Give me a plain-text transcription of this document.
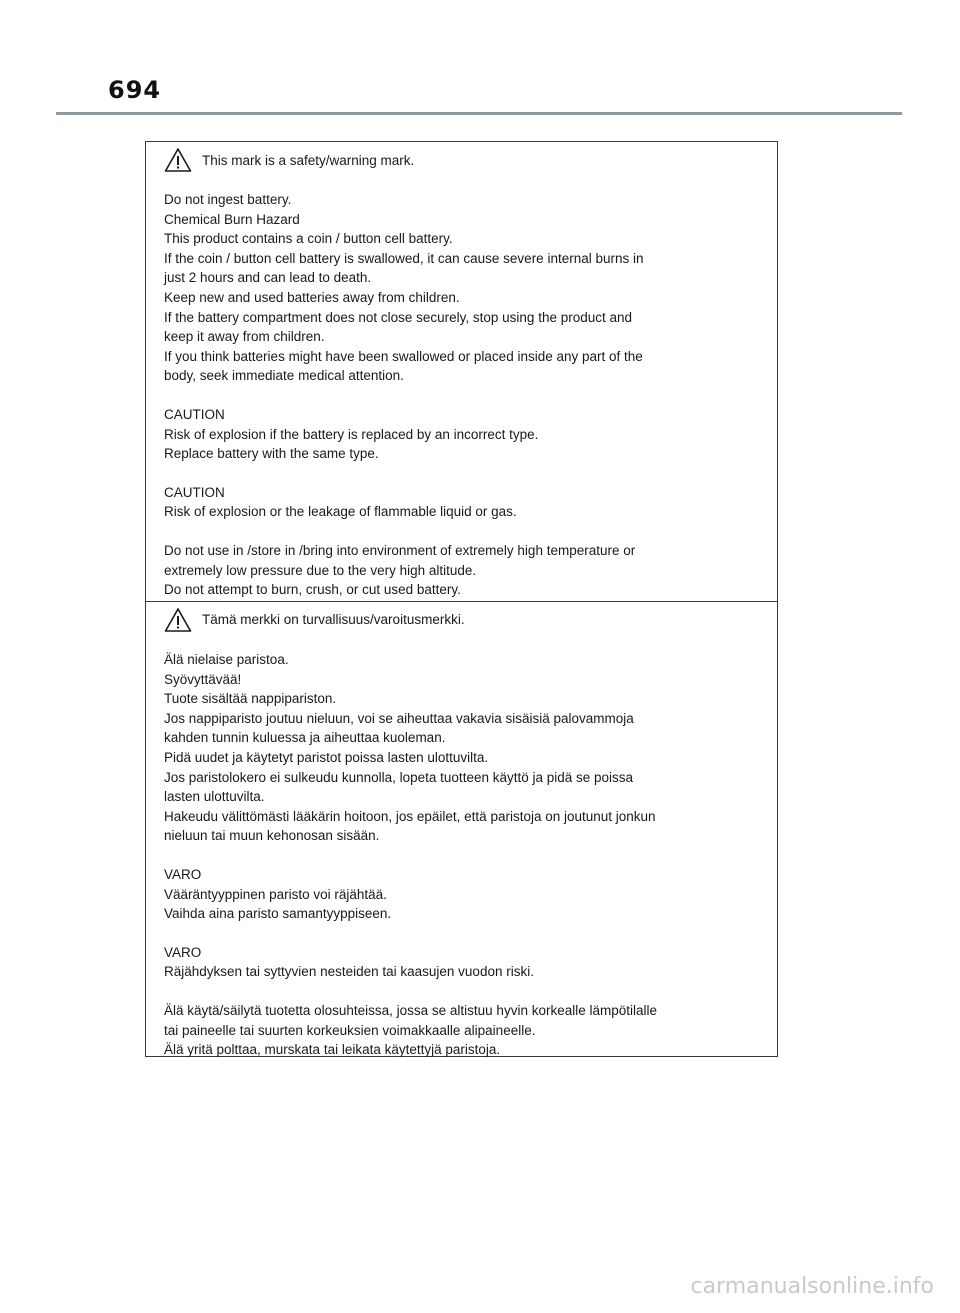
694
This mark is a safety/warning mark.

Do not ingest battery.

Chemical Burn Hazard

This product contains a coin / button cell battery.

If the coin / button cell battery is swallowed, it can cause severe internal burns in

just 2 hours and can lead to death.

Keep new and used batteries away from children.

If the battery compartment does not close securely, stop using the product and

keep it away from children.

If you think batteries might have been swallowed or placed inside any part of the

body, seek immediate medical attention.

CAUTION

Risk of explosion if the battery is replaced by an incorrect type.

Replace battery with the same type.

CAUTION

Risk of explosion or the leakage of flammable liquid or gas.

Do not use in /store in /bring into environment of extremely high temperature or

extremely low pressure due to the very high altitude.

Do not attempt to burn, crush, or cut used battery.

Tämä merkki on turvallisuus/varoitusmerkki.

Älä nielaise paristoa.

Syövyttävää!

Tuote sisältää nappipariston.

Jos nappiparisto joutuu nieluun, voi se aiheuttaa vakavia sisäisiä palovammoja

kahden tunnin kuluessa ja aiheuttaa kuoleman.

Pidä uudet ja käytetyt paristot poissa lasten ulottuvilta.

Jos paristolokero ei sulkeudu kunnolla, lopeta tuotteen käyttö ja pidä se poissa

lasten ulottuvilta.

Hakeudu välittömästi lääkärin hoitoon, jos epäilet, että paristoja on joutunut jonkun

nieluun tai muun kehonosan sisään.

VARO

Vääräntyyppinen paristo voi räjähtää.

Vaihda aina paristo samantyyppiseen.

VARO

Räjähdyksen tai syttyvien nesteiden tai kaasujen vuodon riski.

Älä käytä/säilytä tuotetta olosuhteissa, jossa se altistuu hyvin korkealle lämpötilalle

tai paineelle tai suurten korkeuksien voimakkaalle alipaineelle.

Älä yritä polttaa, murskata tai leikata käytettyjä paristoja.

carmanualsonline.info
